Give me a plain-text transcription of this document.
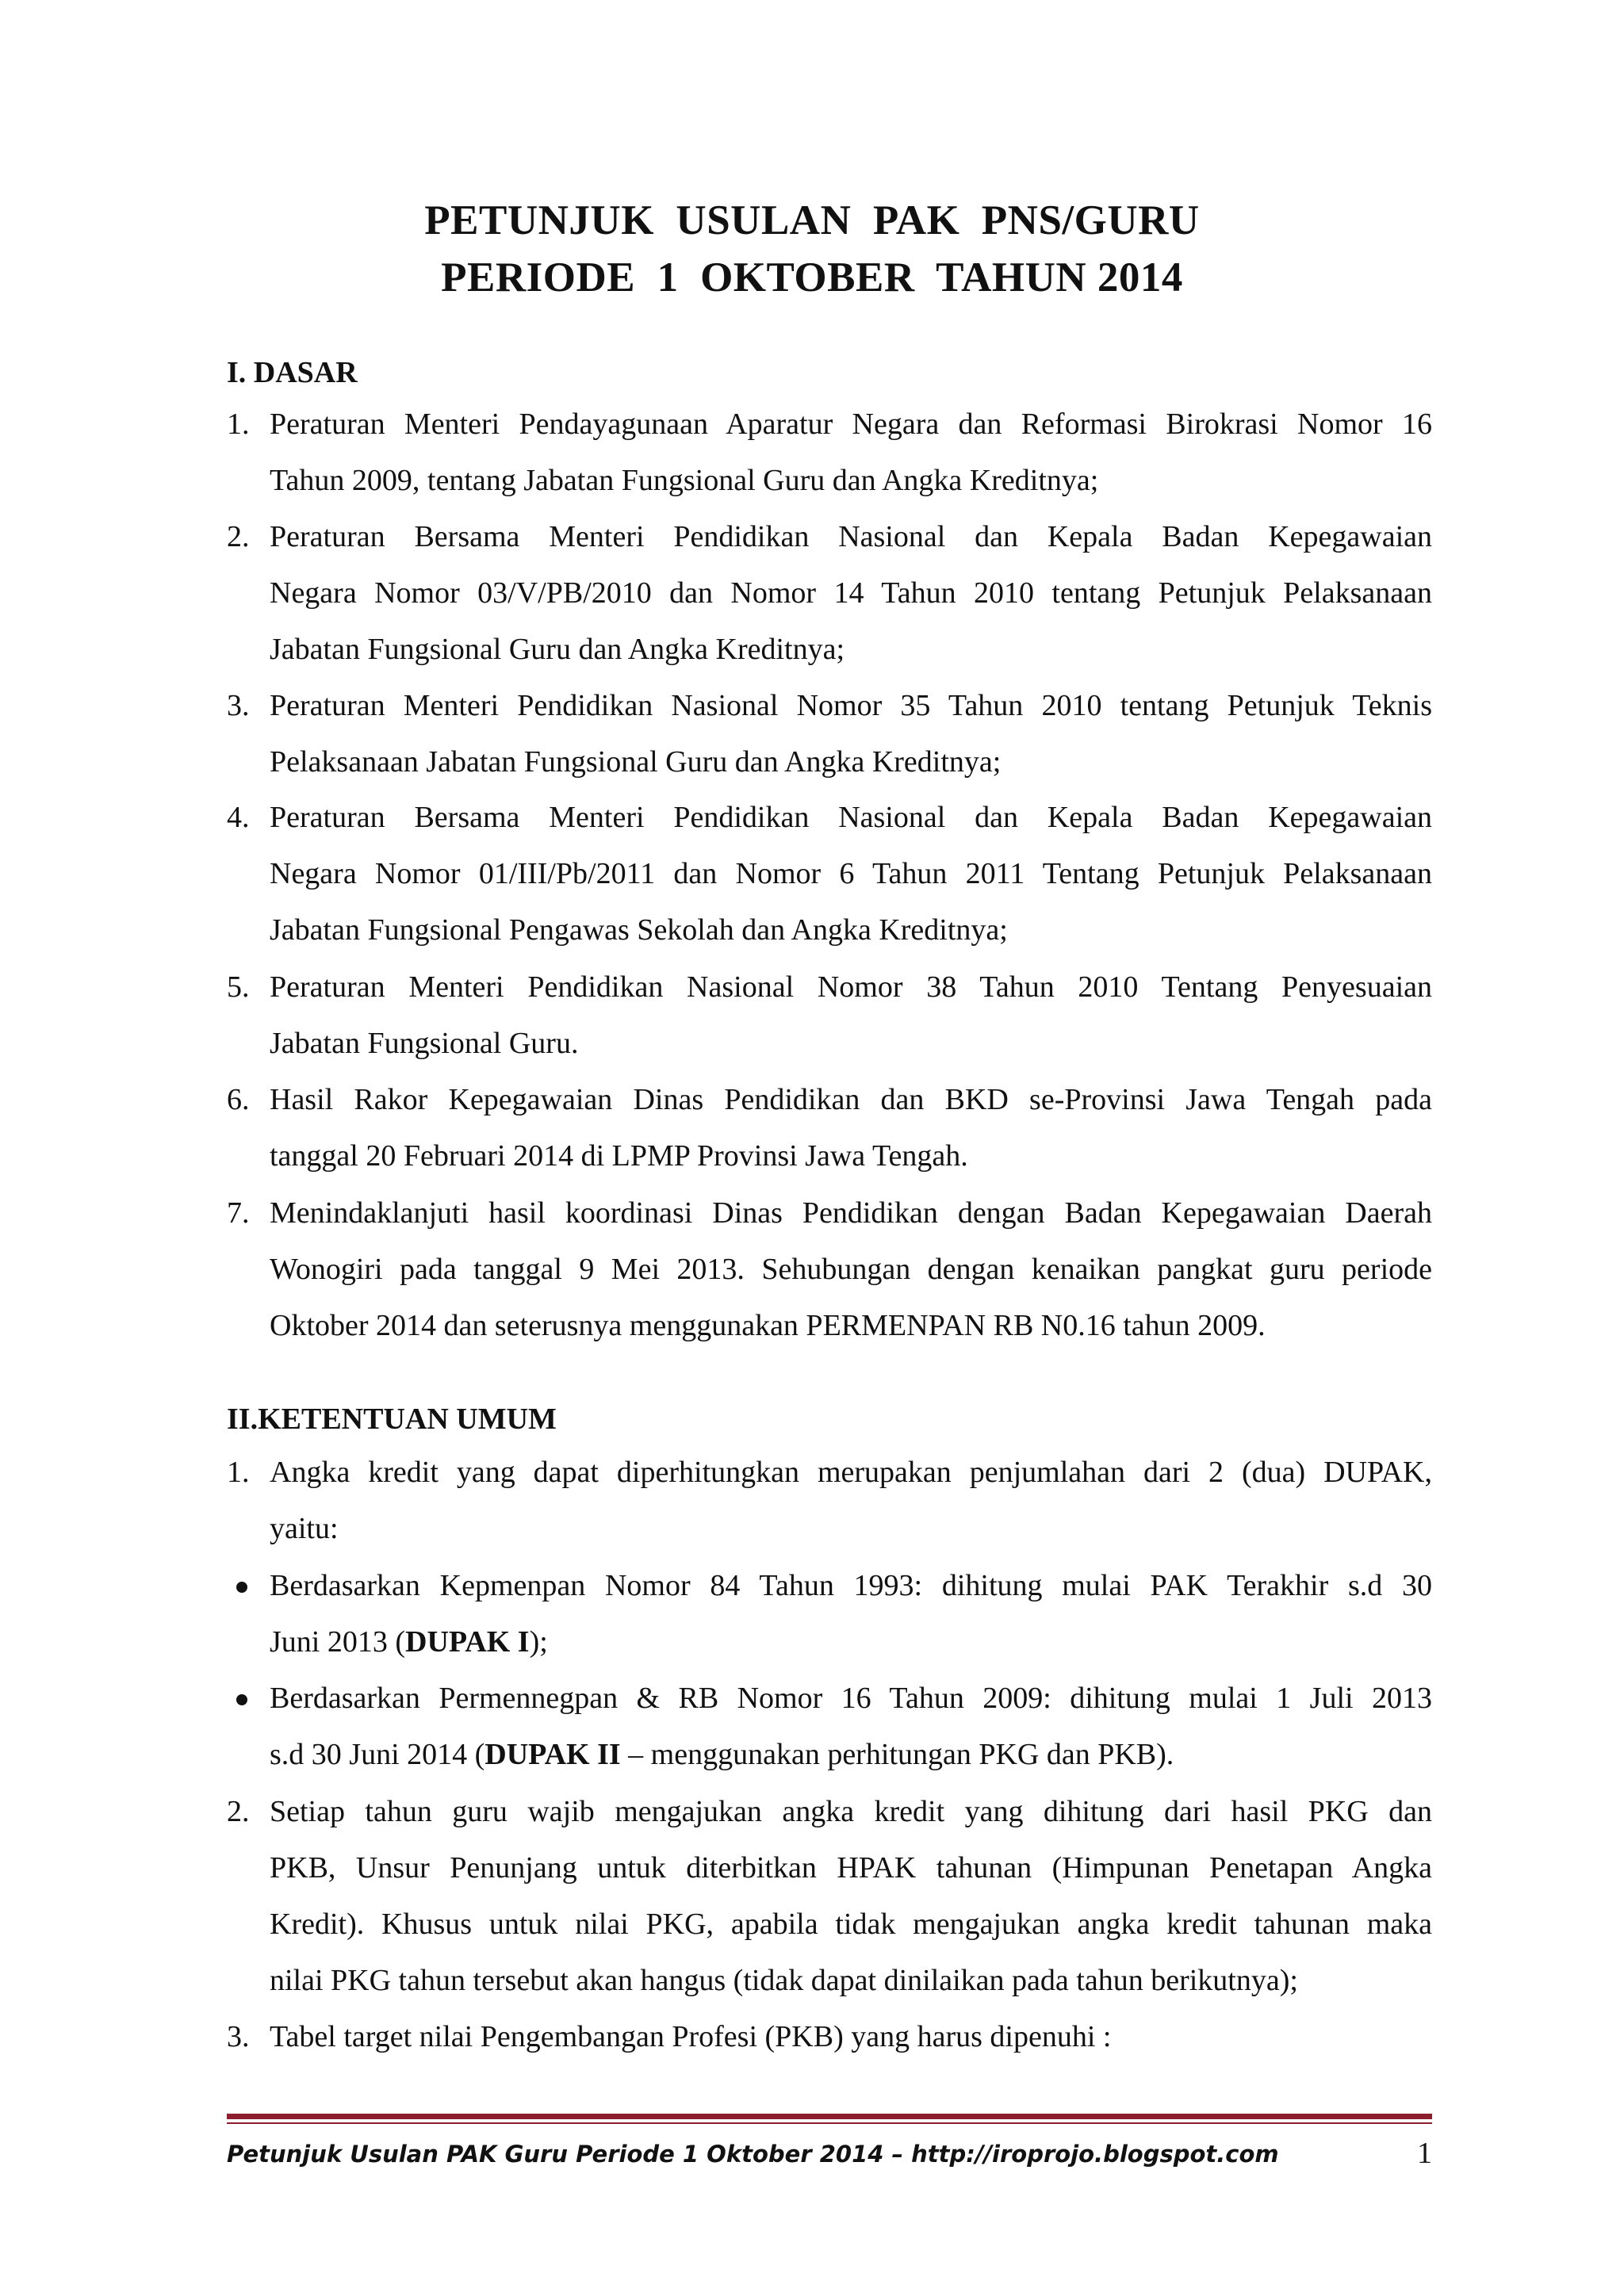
PETUNJUK  USULAN  PAK  PNS/GURU
PERIODE  1  OKTOBER  TAHUN 2014
I. DASAR
1. Peraturan Menteri Pendayagunaan Aparatur Negara dan Reformasi Birokrasi Nomor 16
Tahun 2009, tentang Jabatan Fungsional Guru dan Angka Kreditnya;
2. Peraturan Bersama Menteri Pendidikan Nasional dan Kepala Badan Kepegawaian
Negara Nomor 03/V/PB/2010 dan Nomor 14 Tahun 2010 tentang Petunjuk Pelaksanaan
Jabatan Fungsional Guru dan Angka Kreditnya;
3. Peraturan Menteri Pendidikan Nasional Nomor 35 Tahun 2010 tentang Petunjuk Teknis
Pelaksanaan Jabatan Fungsional Guru dan Angka Kreditnya;
4. Peraturan Bersama Menteri Pendidikan Nasional dan Kepala Badan Kepegawaian
Negara Nomor 01/III/Pb/2011 dan Nomor 6 Tahun 2011 Tentang Petunjuk Pelaksanaan
Jabatan Fungsional Pengawas Sekolah dan Angka Kreditnya;
5. Peraturan Menteri Pendidikan Nasional Nomor 38 Tahun 2010 Tentang Penyesuaian
Jabatan Fungsional Guru.
6. Hasil Rakor Kepegawaian Dinas Pendidikan dan BKD se-Provinsi Jawa Tengah pada
tanggal 20 Februari 2014 di LPMP Provinsi Jawa Tengah.
7. Menindaklanjuti hasil koordinasi Dinas Pendidikan dengan Badan Kepegawaian Daerah
Wonogiri pada tanggal 9 Mei 2013. Sehubungan dengan kenaikan pangkat guru periode
Oktober 2014 dan seterusnya menggunakan PERMENPAN RB N0.16 tahun 2009.
II.KETENTUAN UMUM
1. Angka kredit yang dapat diperhitungkan merupakan penjumlahan dari 2 (dua) DUPAK,
yaitu:
Berdasarkan Kepmenpan Nomor 84 Tahun 1993: dihitung mulai PAK Terakhir s.d 30
Juni 2013 (DUPAK I);
Berdasarkan Permennegpan & RB Nomor 16 Tahun 2009: dihitung mulai 1 Juli 2013
s.d 30 Juni 2014 (DUPAK II – menggunakan perhitungan PKG dan PKB).
2. Setiap tahun guru wajib mengajukan angka kredit yang dihitung dari hasil PKG dan
PKB, Unsur Penunjang untuk diterbitkan HPAK tahunan (Himpunan Penetapan Angka
Kredit). Khusus untuk nilai PKG, apabila tidak mengajukan angka kredit tahunan maka
nilai PKG tahun tersebut akan hangus (tidak dapat dinilaikan pada tahun berikutnya);
3. Tabel target nilai Pengembangan Profesi (PKB) yang harus dipenuhi :
Petunjuk Usulan PAK Guru Periode 1 Oktober 2014 – http://iroprojo.blogspot.com	1
